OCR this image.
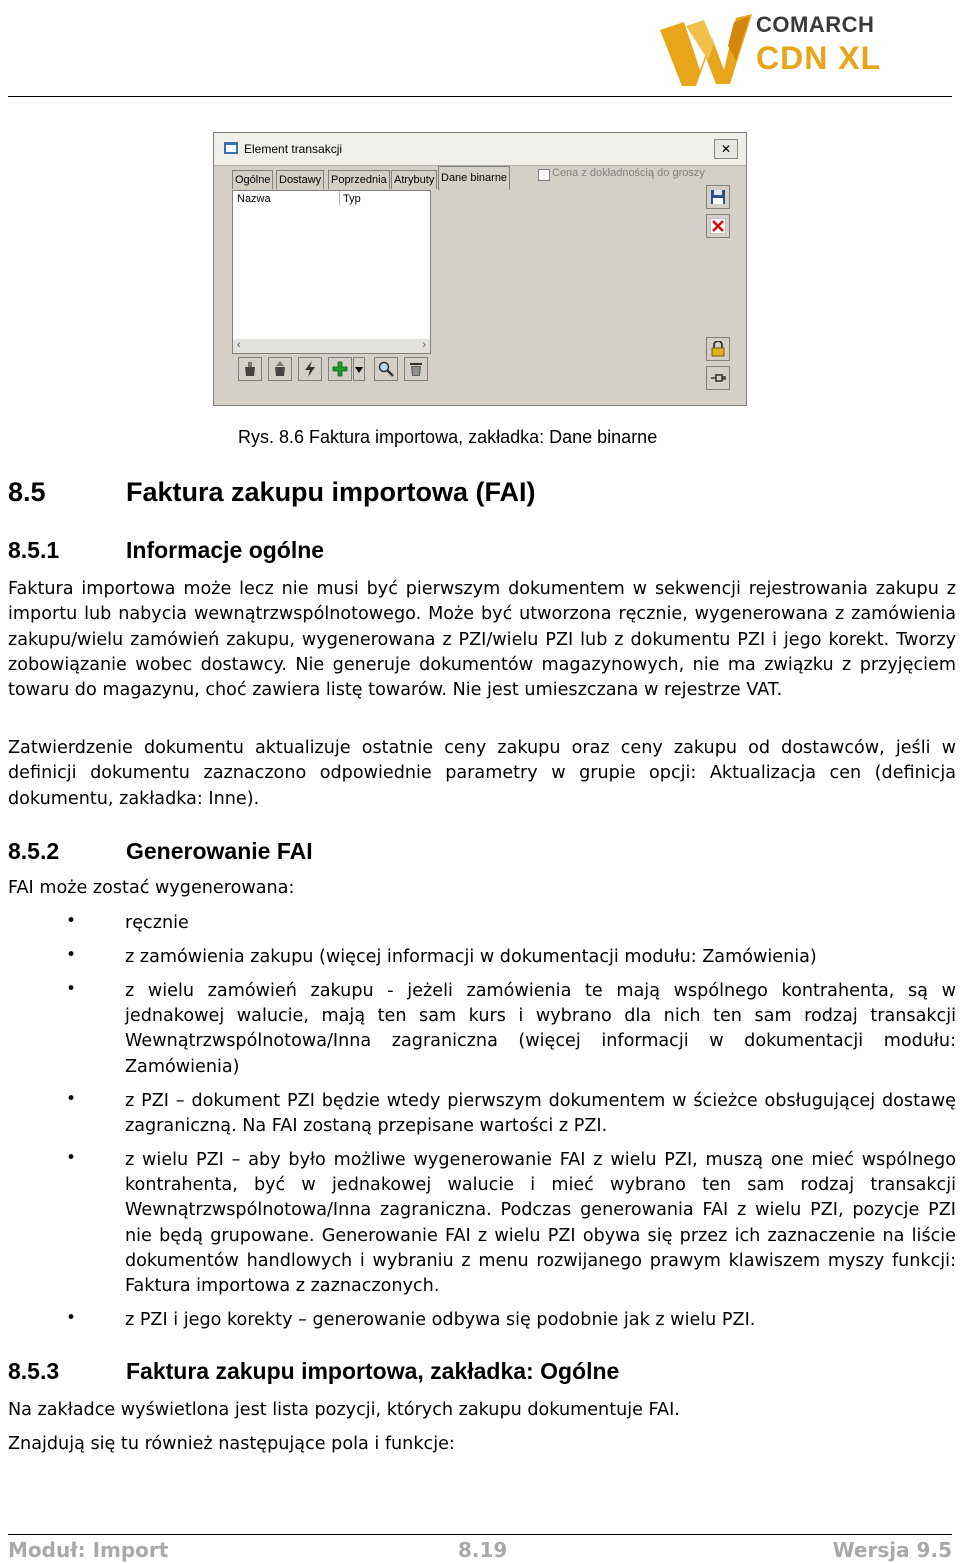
COMARCH
CDN XL
Element transakcji	✕
Ogólne Dostawy Poprzednia Atrybuty Dane binarne	Cena z dokładnością do groszy
Nazwa	Typ
‹	›
Rys. 8.6 Faktura importowa, zakładka: Dane binarne
8.5	Faktura zakupu importowa (FAI)
8.5.1	Informacje ogólne
Faktura importowa może lecz nie musi być pierwszym dokumentem w sekwencji rejestrowania zakupu z importu lub nabycia wewnątrzwspólnotowego. Może być utworzona ręcznie, wygenerowana z zamówienia zakupu/wielu zamówień zakupu, wygenerowana z PZI/wielu PZI lub z dokumentu PZI i jego korekt. Tworzy zobowiązanie wobec dostawcy. Nie generuje dokumentów magazynowych, nie ma związku z przyjęciem towaru do magazynu, choć zawiera listę towarów. Nie jest umieszczana w rejestrze VAT.
Zatwierdzenie dokumentu aktualizuje ostatnie ceny zakupu oraz ceny zakupu od dostawców, jeśli w definicji dokumentu zaznaczono odpowiednie parametry w grupie opcji: Aktualizacja cen (definicja dokumentu, zakładka: Inne).
8.5.2	Generowanie FAI
FAI może zostać wygenerowana:
•	ręcznie
•	z zamówienia zakupu (więcej informacji w dokumentacji modułu: Zamówienia)
•	z wielu zamówień zakupu - jeżeli zamówienia te mają wspólnego kontrahenta, są w jednakowej walucie, mają ten sam kurs i wybrano dla nich ten sam rodzaj transakcji Wewnątrzwspólnotowa/Inna zagraniczna (więcej informacji w dokumentacji modułu: Zamówienia)
•	z PZI – dokument PZI będzie wtedy pierwszym dokumentem w ścieżce obsługującej dostawę zagraniczną. Na FAI zostaną przepisane wartości z PZI.
•	z wielu PZI – aby było możliwe wygenerowanie FAI z wielu PZI, muszą one mieć wspólnego kontrahenta, być w jednakowej walucie i mieć wybrano ten sam rodzaj transakcji Wewnątrzwspólnotowa/Inna zagraniczna. Podczas generowania FAI z wielu PZI, pozycje PZI nie będą grupowane. Generowanie FAI z wielu PZI obywa się przez ich zaznaczenie na liście dokumentów handlowych i wybraniu z menu rozwijanego prawym klawiszem myszy funkcji: Faktura importowa z zaznaczonych.
•	z PZI i jego korekty – generowanie odbywa się podobnie jak z wielu PZI.
8.5.3	Faktura zakupu importowa, zakładka: Ogólne
Na zakładce wyświetlona jest lista pozycji, których zakupu dokumentuje FAI.
Znajdują się tu również następujące pola i funkcje:
Moduł: Import	8.19	Wersja 9.5
